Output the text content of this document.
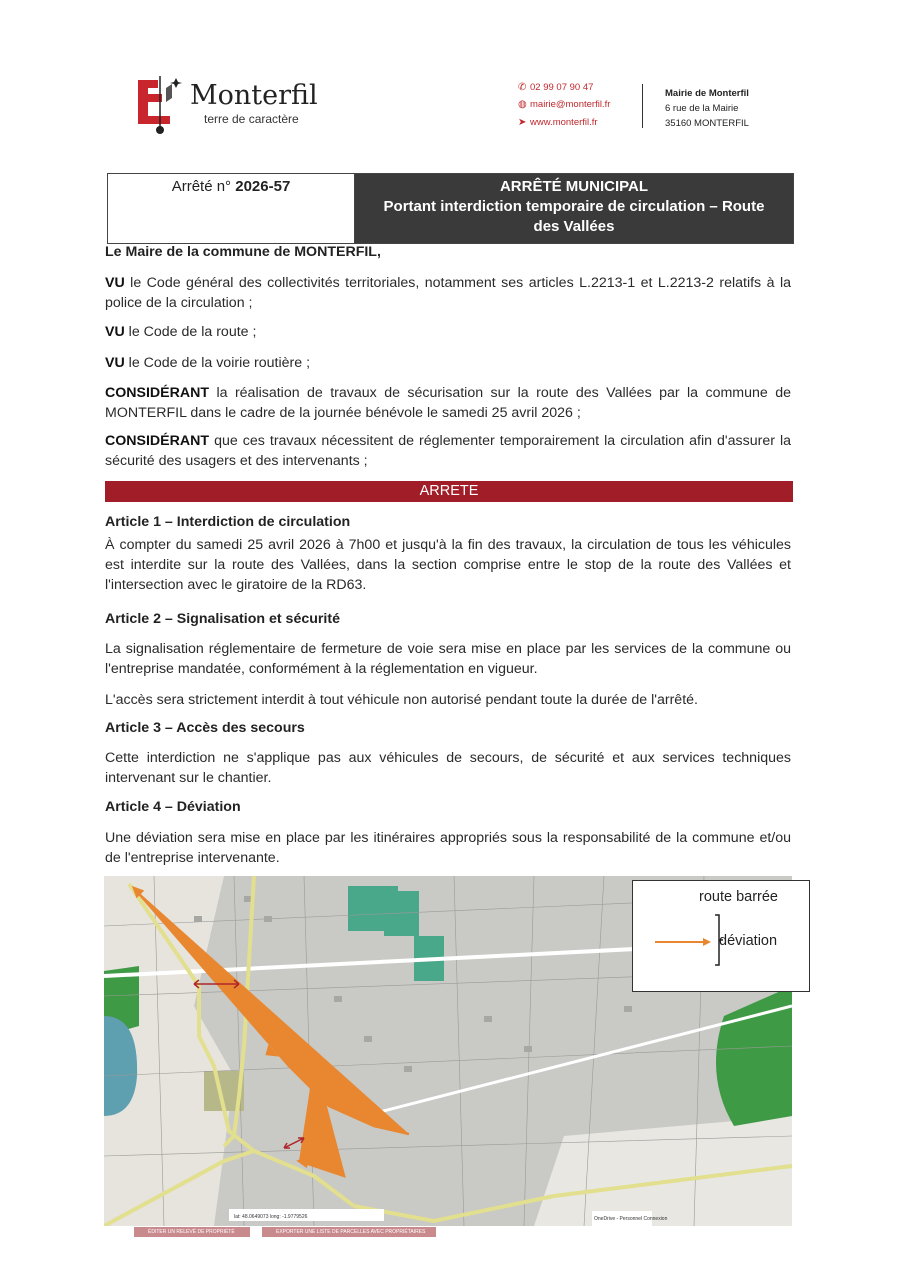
Monterfil
terre de caractère
✆ 02 99 07 90 47
◍ mairie@monterfil.fr
➤ www.monterfil.fr
Mairie de Monterfil
6 rue de la Mairie
35160 MONTERFIL
Arrêté n° 2026-57	ARRÊTÉ MUNICIPAL
Portant interdiction temporaire de circulation – Route
des Vallées
Le Maire de la commune de MONTERFIL,
VU le Code général des collectivités territoriales, notamment ses articles L.2213-1 et L.2213-2 relatifs à la police de la circulation ;
VU le Code de la route ;
VU le Code de la voirie routière ;
CONSIDÉRANT la réalisation de travaux de sécurisation sur la route des Vallées par la commune de MONTERFIL dans le cadre de la journée bénévole le samedi 25 avril 2026 ;
CONSIDÉRANT que ces travaux nécessitent de réglementer temporairement la circulation afin d'assurer la sécurité des usagers et des intervenants ;
ARRETE
Article 1 – Interdiction de circulation
À compter du samedi 25 avril 2026 à 7h00 et jusqu'à la fin des travaux, la circulation de tous les véhicules est interdite sur la route des Vallées, dans la section comprise entre le stop de la route des Vallées et l'intersection avec le giratoire de la RD63.
Article 2 – Signalisation et sécurité
La signalisation réglementaire de fermeture de voie sera mise en place par les services de la commune ou l'entreprise mandatée, conformément à la réglementation en vigueur.
L'accès sera strictement interdit à tout véhicule non autorisé pendant toute la durée de l'arrêté.
Article 3 – Accès des secours
Cette interdiction ne s'applique pas aux véhicules de secours, de sécurité et aux services techniques intervenant sur le chantier.
Article 4 – Déviation
Une déviation sera mise en place par les itinéraires appropriés sous la responsabilité de la commune et/ou de l'entreprise intervenante.
lat: 48.0649073 long: -1.9779526	OneDrive - Personnel Connexion
ÉDITER UN RELEVÉ DE PROPRIÉTÉ	EXPORTER UNE LISTE DE PARCELLES AVEC PROPRIÉTAIRES
route barrée
déviation
